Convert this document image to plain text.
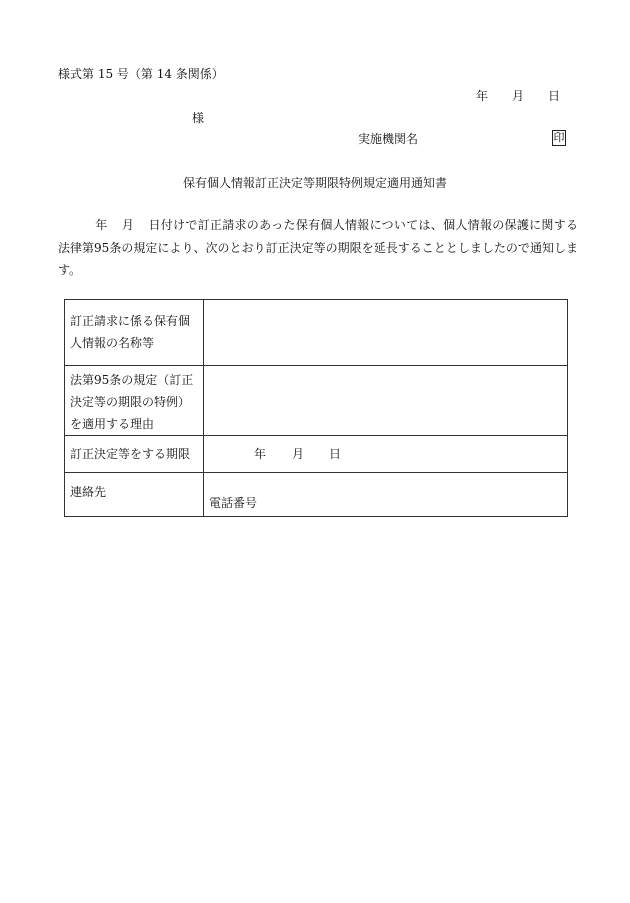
様式第 15 号（第 14 条関係）
年 月 日
様
実施機関名	印
保有個人情報訂正決定等期限特例規定適用通知書
年 月 日付けで訂正請求のあった保有個人情報については、個人情報の保護に関する法律第95条の規定により、次のとおり訂正決定等の期限を延長することとしましたので通知します。
訂正請求に係る保有個人情報の名称等	
法第95条の規定（訂正決定等の期限の特例）を適用する理由	
訂正決定等をする期限	年 月 日
連絡先	電話番号
